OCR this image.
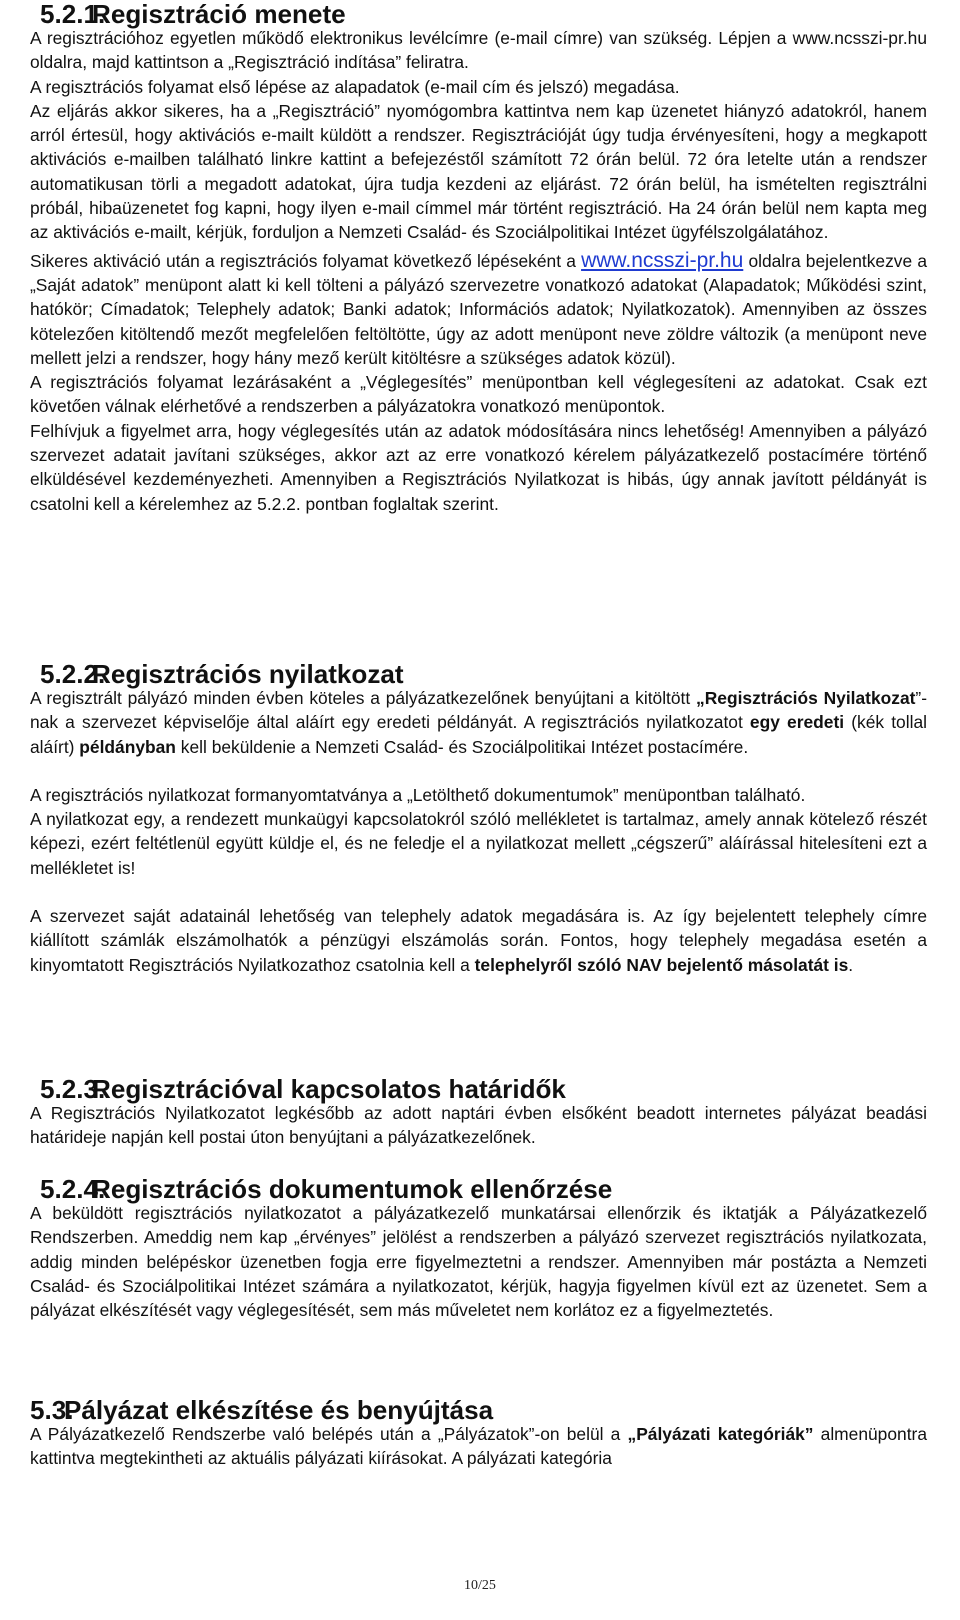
5.2.1.Regisztráció menete

A regisztrációhoz egyetlen működő elektronikus levélcímre (e-mail címre) van szükség. Lépjen a www.ncsszi-pr.hu oldalra, majd kattintson a „Regisztráció indítása” feliratra.

A regisztrációs folyamat első lépése az alapadatok (e-mail cím és jelszó) megadása.

Az eljárás akkor sikeres, ha a „Regisztráció” nyomógombra kattintva nem kap üzenetet hiányzó adatokról, hanem arról értesül, hogy aktivációs e-mailt küldött a rendszer. Regisztrációját úgy tudja érvényesíteni, hogy a megkapott aktivációs e-mailben található linkre kattint a befejezéstől számított 72 órán belül. 72 óra letelte után a rendszer automatikusan törli a megadott adatokat, újra tudja kezdeni az eljárást. 72 órán belül, ha ismételten regisztrálni próbál, hibaüzenetet fog kapni, hogy ilyen e-mail címmel már történt regisztráció. Ha 24 órán belül nem kapta meg az aktivációs e-mailt, kérjük, forduljon a Nemzeti Család- és Szociálpolitikai Intézet ügyfélszolgálatához.

Sikeres aktiváció után a regisztrációs folyamat következő lépéseként a www.ncsszi-pr.hu oldalra bejelentkezve a „Saját adatok” menüpont alatt ki kell tölteni a pályázó szervezetre vonatkozó adatokat (Alapadatok; Működési szint, hatókör; Címadatok; Telephely adatok; Banki adatok; Információs adatok; Nyilatkozatok). Amennyiben az összes kötelezően kitöltendő mezőt megfelelően feltöltötte, úgy az adott menüpont neve zöldre változik (a menüpont neve mellett jelzi a rendszer, hogy hány mező került kitöltésre a szükséges adatok közül).

A regisztrációs folyamat lezárásaként a „Véglegesítés” menüpontban kell véglegesíteni az adatokat. Csak ezt követően válnak elérhetővé a rendszerben a pályázatokra vonatkozó menüpontok.

Felhívjuk a figyelmet arra, hogy véglegesítés után az adatok módosítására nincs lehetőség! Amennyiben a pályázó szervezet adatait javítani szükséges, akkor azt az erre vonatkozó kérelem pályázatkezelő postacímére történő elküldésével kezdeményezheti. Amennyiben a Regisztrációs Nyilatkozat is hibás, úgy annak javított példányát is csatolni kell a kérelemhez az 5.2.2. pontban foglaltak szerint.

5.2.2.Regisztrációs nyilatkozat

A regisztrált pályázó minden évben köteles a pályázatkezelőnek benyújtani a kitöltött „Regisztrációs Nyilatkozat”-nak a szervezet képviselője által aláírt egy eredeti példányát. A regisztrációs nyilatkozatot egy eredeti (kék tollal aláírt) példányban kell beküldenie a Nemzeti Család- és Szociálpolitikai Intézet postacímére.

A regisztrációs nyilatkozat formanyomtatványa a „Letölthető dokumentumok” menüpontban található.

A nyilatkozat egy, a rendezett munkaügyi kapcsolatokról szóló mellékletet is tartalmaz, amely annak kötelező részét képezi, ezért feltétlenül együtt küldje el, és ne feledje el a nyilatkozat mellett „cégszerű” aláírással hitelesíteni ezt a mellékletet is!

A szervezet saját adatainál lehetőség van telephely adatok megadására is. Az így bejelentett telephely címre kiállított számlák elszámolhatók a pénzügyi elszámolás során. Fontos, hogy telephely megadása esetén a kinyomtatott Regisztrációs Nyilatkozathoz csatolnia kell a telephelyről szóló NAV bejelentő másolatát is.

5.2.3.Regisztrációval kapcsolatos határidők

A Regisztrációs Nyilatkozatot legkésőbb az adott naptári évben elsőként beadott internetes pályázat beadási határideje napján kell postai úton benyújtani a pályázatkezelőnek.

5.2.4.Regisztrációs dokumentumok ellenőrzése

A beküldött regisztrációs nyilatkozatot a pályázatkezelő munkatársai ellenőrzik és iktatják a Pályázatkezelő Rendszerben. Ameddig nem kap „érvényes” jelölést a rendszerben a pályázó szervezet regisztrációs nyilatkozata, addig minden belépéskor üzenetben fogja erre figyelmeztetni a rendszer. Amennyiben már postázta a Nemzeti Család- és Szociálpolitikai Intézet számára a nyilatkozatot, kérjük, hagyja figyelmen kívül ezt az üzenetet. Sem a pályázat elkészítését vagy véglegesítését, sem más műveletet nem korlátoz ez a figyelmeztetés.

5.3.Pályázat elkészítése és benyújtása

A Pályázatkezelő Rendszerbe való belépés után a „Pályázatok”-on belül a „Pályázati kategóriák” almenüpontra kattintva megtekintheti az aktuális pályázati kiírásokat. A pályázati kategória

10/25
